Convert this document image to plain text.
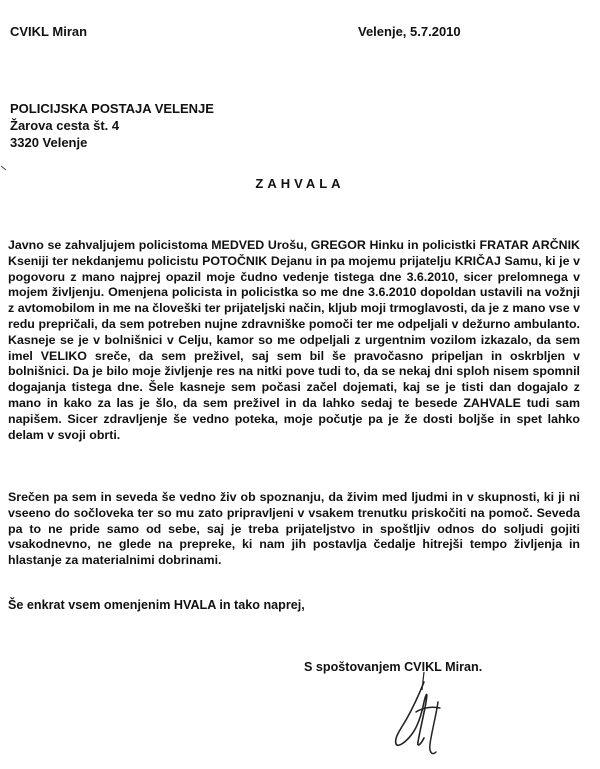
CVIKL Miran	Velenje, 5.7.2010
POLICIJSKA POSTAJA VELENJE
Žarova cesta št. 4
3320 Velenje
ZAHVALA
Javno se zahvaljujem policistoma MEDVED Urošu, GREGOR Hinku in policistki FRATAR ARČNIK Kseniji ter nekdanjemu policistu POTOČNIK Dejanu in pa mojemu prijatelju KRIČAJ Samu, ki je v pogovoru z mano najprej opazil moje čudno vedenje tistega dne 3.6.2010, sicer prelomnega v mojem življenju. Omenjena policista in policistka so me dne 3.6.2010 dopoldan ustavili na vožnji z avtomobilom in me na človeški ter prijateljski način, kljub moji trmoglavosti, da je z mano vse v redu prepričali, da sem potreben nujne zdravniške pomoči ter me odpeljali v dežurno ambulanto. Kasneje se je v bolnišnici v Celju, kamor so me odpeljali z urgentnim vozilom izkazalo, da sem imel VELIKO sreče, da sem preživel, saj sem bil še pravočasno pripeljan in oskrbljen v bolnišnici. Da je bilo moje življenje res na nitki pove tudi to, da se nekaj dni sploh nisem spomnil dogajanja tistega dne. Šele kasneje sem počasi začel dojemati, kaj se je tisti dan dogajalo z mano in kako za las je šlo, da sem preživel in da lahko sedaj te besede ZAHVALE tudi sam napišem. Sicer zdravljenje še vedno poteka, moje počutje pa je že dosti boljše in spet lahko delam v svoji obrti.
Srečen pa sem in seveda še vedno živ ob spoznanju, da živim med ljudmi in v skupnosti, ki ji ni vseeno do sočloveka ter so mu zato pripravljeni v vsakem trenutku priskočiti na pomoč. Seveda pa to ne pride samo od sebe, saj je treba prijateljstvo in spoštljiv odnos do soljudi gojiti vsakodnevno, ne glede na prepreke, ki nam jih postavlja čedalje hitrejši tempo življenja in hlastanje za materialnimi dobrinami.
Še enkrat vsem omenjenim HVALA in tako naprej,
S spoštovanjem CVIKL Miran.
